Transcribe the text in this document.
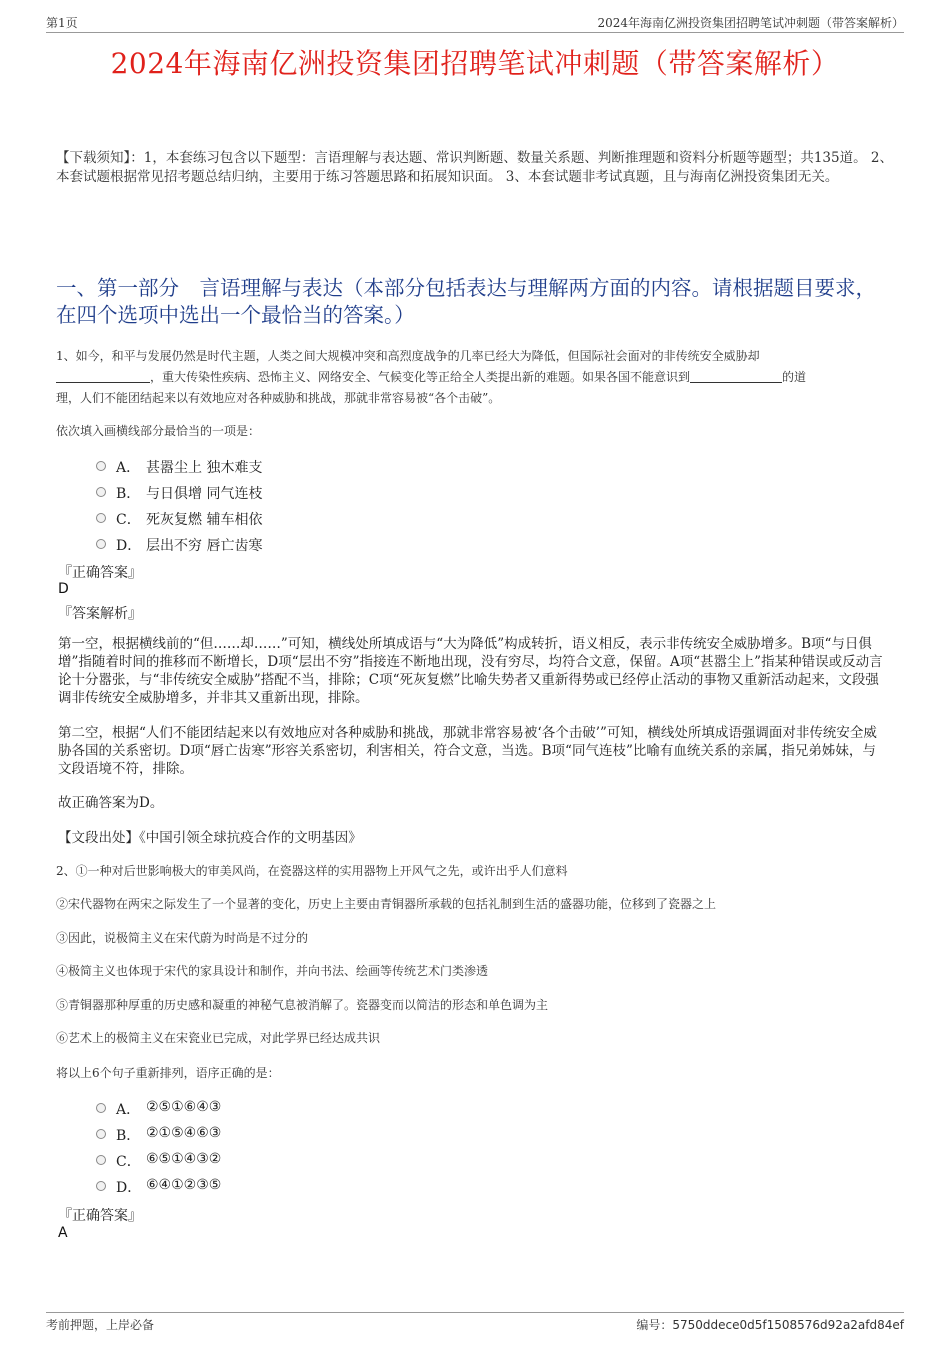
第1页	2024年海南亿洲投资集团招聘笔试冲刺题（带答案解析）
2024年海南亿洲投资集团招聘笔试冲刺题（带答案解析）
【下载须知】：1，本套练习包含以下题型：言语理解与表达题、常识判断题、数量关系题、判断推理题和资料分析题等题型；共135道。 2、本套试题根据常见招考题总结归纳，主要用于练习答题思路和拓展知识面。 3、本套试题非考试真题，且与海南亿洲投资集团无关。
一、第一部分　言语理解与表达（本部分包括表达与理解两方面的内容。请根据题目要求，在四个选项中选出一个最恰当的答案。）
1、如今，和平与发展仍然是时代主题，人类之间大规模冲突和高烈度战争的几率已经大为降低，但国际社会面对的非传统安全威胁却
，重大传染性疾病、恐怖主义、网络安全、气候变化等正给全人类提出新的难题。如果各国不能意识到	的道
理，人们不能团结起来以有效地应对各种威胁和挑战，那就非常容易被“各个击破”。
依次填入画横线部分最恰当的一项是：
A． 甚嚣尘上 独木难支
B． 与日俱增 同气连枝
C． 死灰复燃 辅车相依
D． 层出不穷 唇亡齿寒
『正确答案』
D
『答案解析』
第一空，根据横线前的“但……却……”可知，横线处所填成语与“大为降低”构成转折，语义相反，表示非传统安全威胁增多。B项“与日俱增”指随着时间的推移而不断增长，D项“层出不穷”指接连不断地出现，没有穷尽，均符合文意，保留。A项“甚嚣尘上”指某种错误或反动言论十分嚣张，与“非传统安全威胁”搭配不当，排除；C项“死灰复燃”比喻失势者又重新得势或已经停止活动的事物又重新活动起来，文段强调非传统安全威胁增多，并非其又重新出现，排除。
第二空，根据“人们不能团结起来以有效地应对各种威胁和挑战，那就非常容易被‘各个击破’”可知，横线处所填成语强调面对非传统安全威胁各国的关系密切。D项“唇亡齿寒”形容关系密切，利害相关，符合文意，当选。B项“同气连枝”比喻有血统关系的亲属，指兄弟姊妹，与文段语境不符，排除。
故正确答案为D。
【文段出处】《中国引领全球抗疫合作的文明基因》
2、①一种对后世影响极大的审美风尚，在瓷器这样的实用器物上开风气之先，或许出乎人们意料
②宋代器物在两宋之际发生了一个显著的变化，历史上主要由青铜器所承载的包括礼制到生活的盛器功能，位移到了瓷器之上
③因此，说极简主义在宋代蔚为时尚是不过分的
④极简主义也体现于宋代的家具设计和制作，并向书法、绘画等传统艺术门类渗透
⑤青铜器那种厚重的历史感和凝重的神秘气息被消解了。瓷器变而以简洁的形态和单色调为主
⑥艺术上的极简主义在宋瓷业已完成，对此学界已经达成共识
将以上6个句子重新排列，语序正确的是：
A． ②⑤①⑥④③
B． ②①⑤④⑥③
C． ⑥⑤①④③②
D． ⑥④①②③⑤
『正确答案』
A
考前押题，上岸必备	编号：5750ddece0d5f1508576d92a2afd84ef
